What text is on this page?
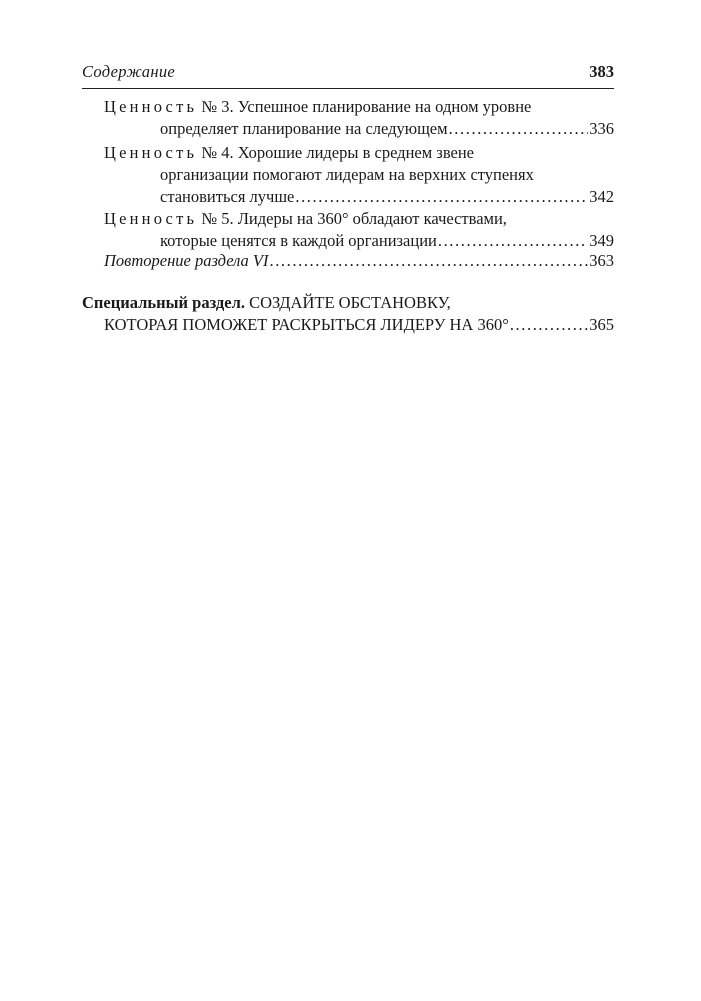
Содержание	383
Ценность № 3. Успешное планирование на одном уровне
определяет планирование на следующем .....	336
Ценность № 4. Хорошие лидеры в среднем звене
организации помогают лидерам на верхних ступенях
становиться лучше .....	342
Ценность № 5. Лидеры на 360° обладают качествами,
которые ценятся в каждой организации .....	349
Повторение раздела VI .....	363
Специальный раздел. СОЗДАЙТЕ ОБСТАНОВКУ,
КОТОРАЯ ПОМОЖЕТ РАСКРЫТЬСЯ ЛИДЕРУ НА 360° .....	365
